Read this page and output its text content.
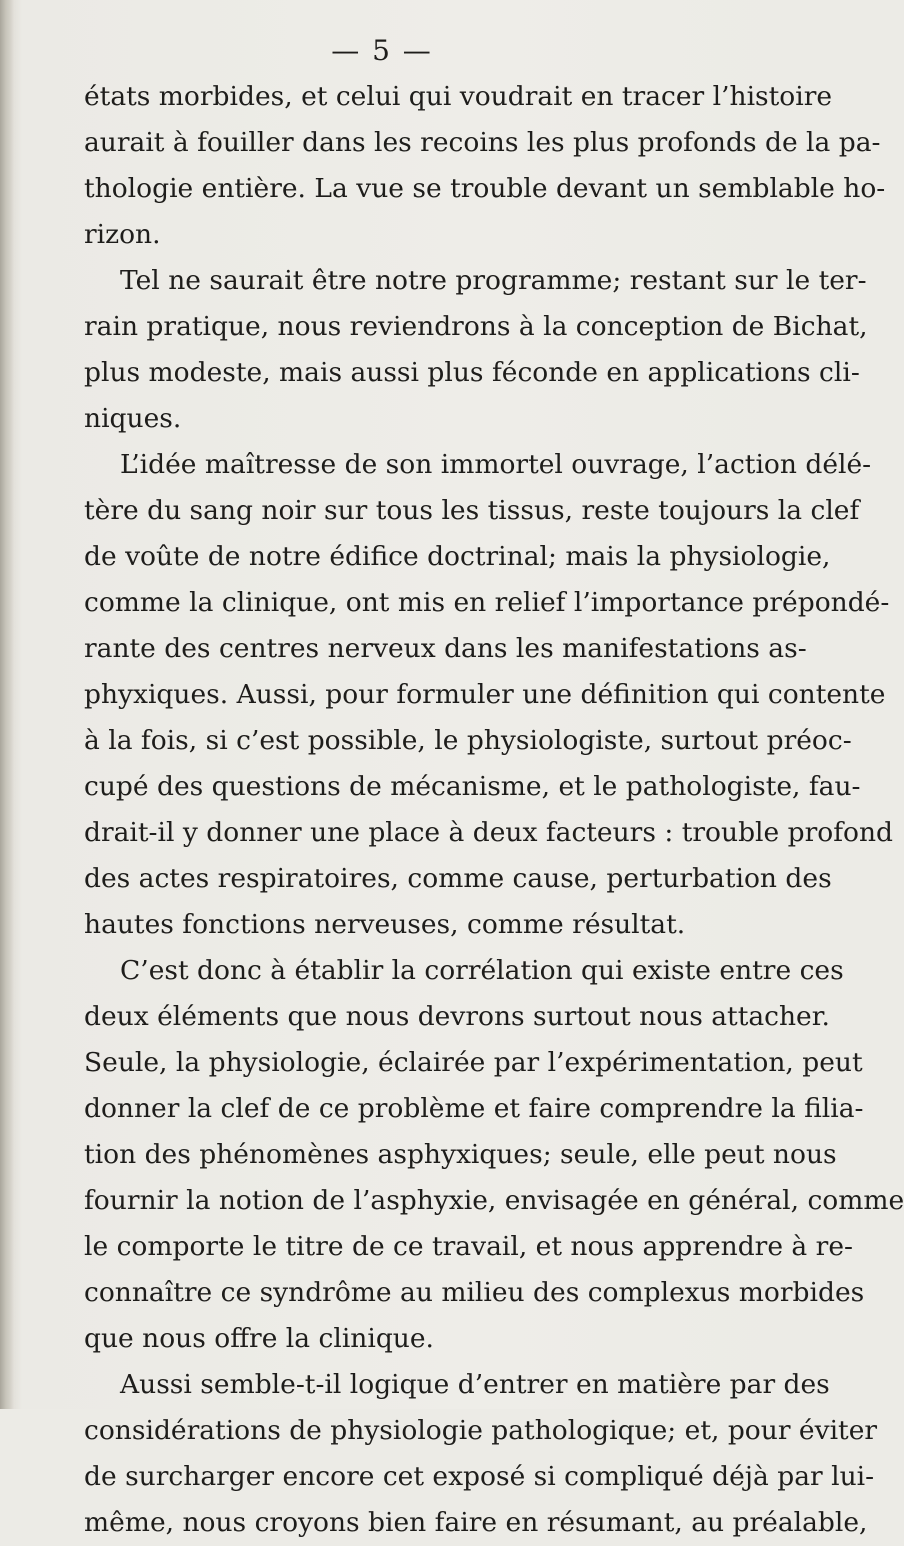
— 5 —
états morbides, et celui qui voudrait en tracer l’histoire
aurait à fouiller dans les recoins les plus profonds de la pa-
thologie entière. La vue se trouble devant un semblable ho-
rizon.
Tel ne saurait être notre programme; restant sur le ter-
rain pratique, nous reviendrons à la conception de Bichat,
plus modeste, mais aussi plus féconde en applications cli-
niques.
L’idée maîtresse de son immortel ouvrage, l’action délé-
tère du sang noir sur tous les tissus, reste toujours la clef
de voûte de notre édifice doctrinal; mais la physiologie,
comme la clinique, ont mis en relief l’importance prépondé-
rante des centres nerveux dans les manifestations as-
phyxiques. Aussi, pour formuler une définition qui contente
à la fois, si c’est possible, le physiologiste, surtout préoc-
cupé des questions de mécanisme, et le pathologiste, fau-
drait-il y donner une place à deux facteurs : trouble profond
des actes respiratoires, comme cause, perturbation des
hautes fonctions nerveuses, comme résultat.
C’est donc à établir la corrélation qui existe entre ces
deux éléments que nous devrons surtout nous attacher.
Seule, la physiologie, éclairée par l’expérimentation, peut
donner la clef de ce problème et faire comprendre la filia-
tion des phénomènes asphyxiques; seule, elle peut nous
fournir la notion de l’asphyxie, envisagée en général, comme
le comporte le titre de ce travail, et nous apprendre à re-
connaître ce syndrôme au milieu des complexus morbides
que nous offre la clinique.
Aussi semble-t-il logique d’entrer en matière par des
considérations de physiologie pathologique; et, pour éviter
de surcharger encore cet exposé si compliqué déjà par lui-
même, nous croyons bien faire en résumant, au préalable,
